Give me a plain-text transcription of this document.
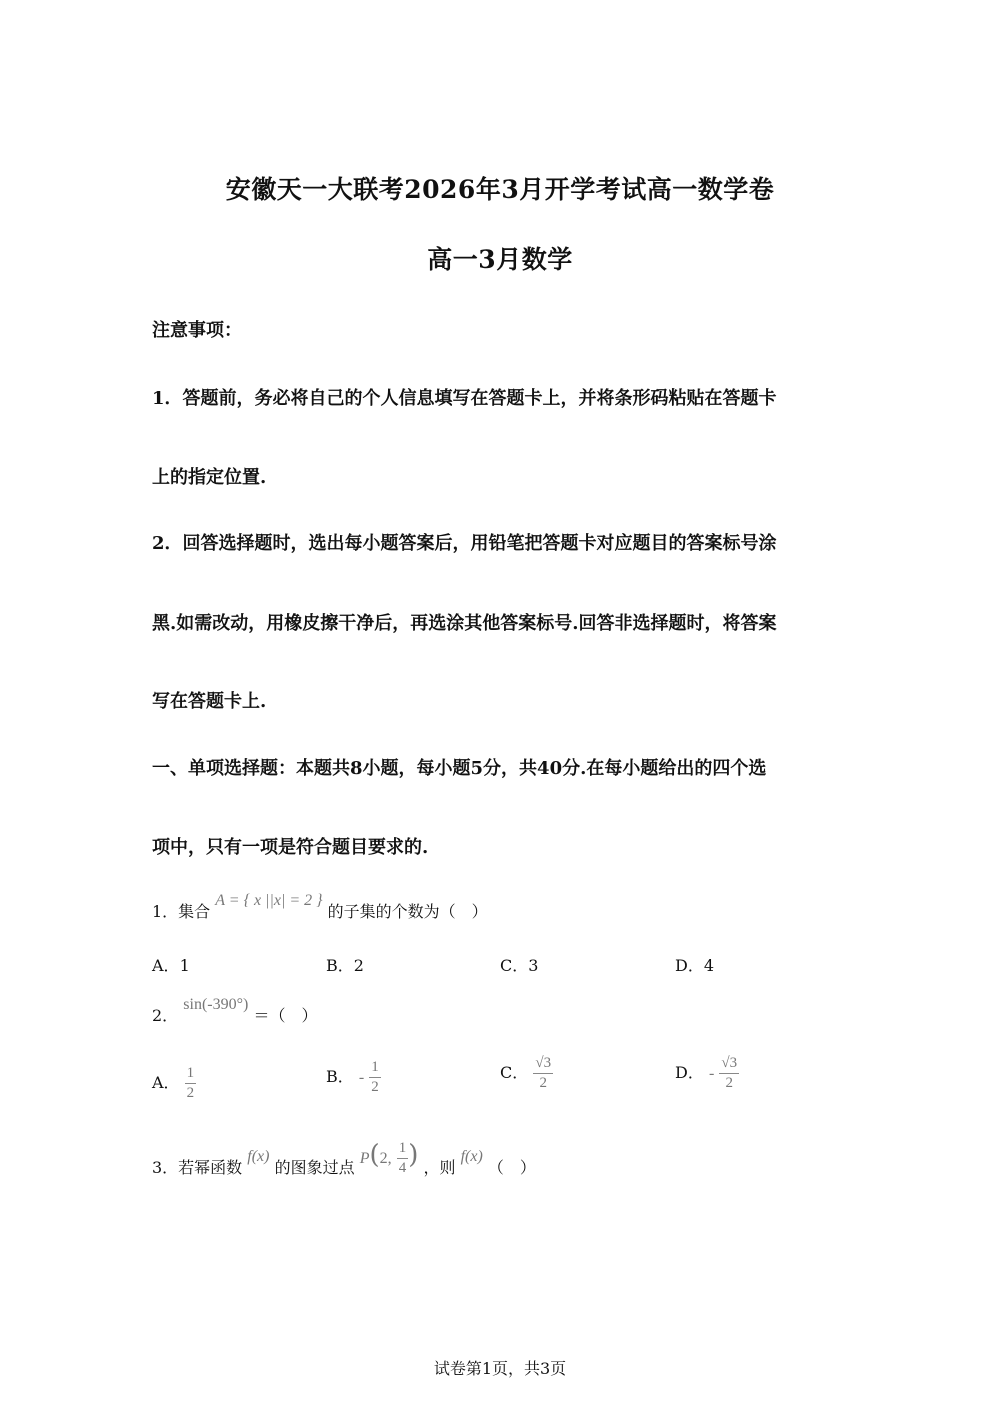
安徽天一大联考2026年3月开学考试高一数学卷
高一3月数学
注意事项：
1．答题前，务必将自己的个人信息填写在答题卡上，并将条形码粘贴在答题卡
上的指定位置.
2．回答选择题时，选出每小题答案后，用铅笔把答题卡对应题目的答案标号涂
黑.如需改动，用橡皮擦干净后，再选涂其他答案标号.回答非选择题时，将答案
写在答题卡上.
一、单项选择题：本题共8小题，每小题5分，共40分.在每小题给出的四个选
项中，只有一项是符合题目要求的.
1．集合 A = { x ||x| = 2 } 的子集的个数为（　）
A．1	B．2	C．3	D．4
2． sin(-390°) ＝（　）
A． $\frac{1}{2}$	B． - $\frac{1}{2}$	C． $\frac{√3}{2}$	D． - $\frac{√3}{2}$
3．若幂函数 f(x) 的图象过点 P(2, $\frac{1}{4}$ ) ，则 f(x) （　）
试卷第1页，共3页
